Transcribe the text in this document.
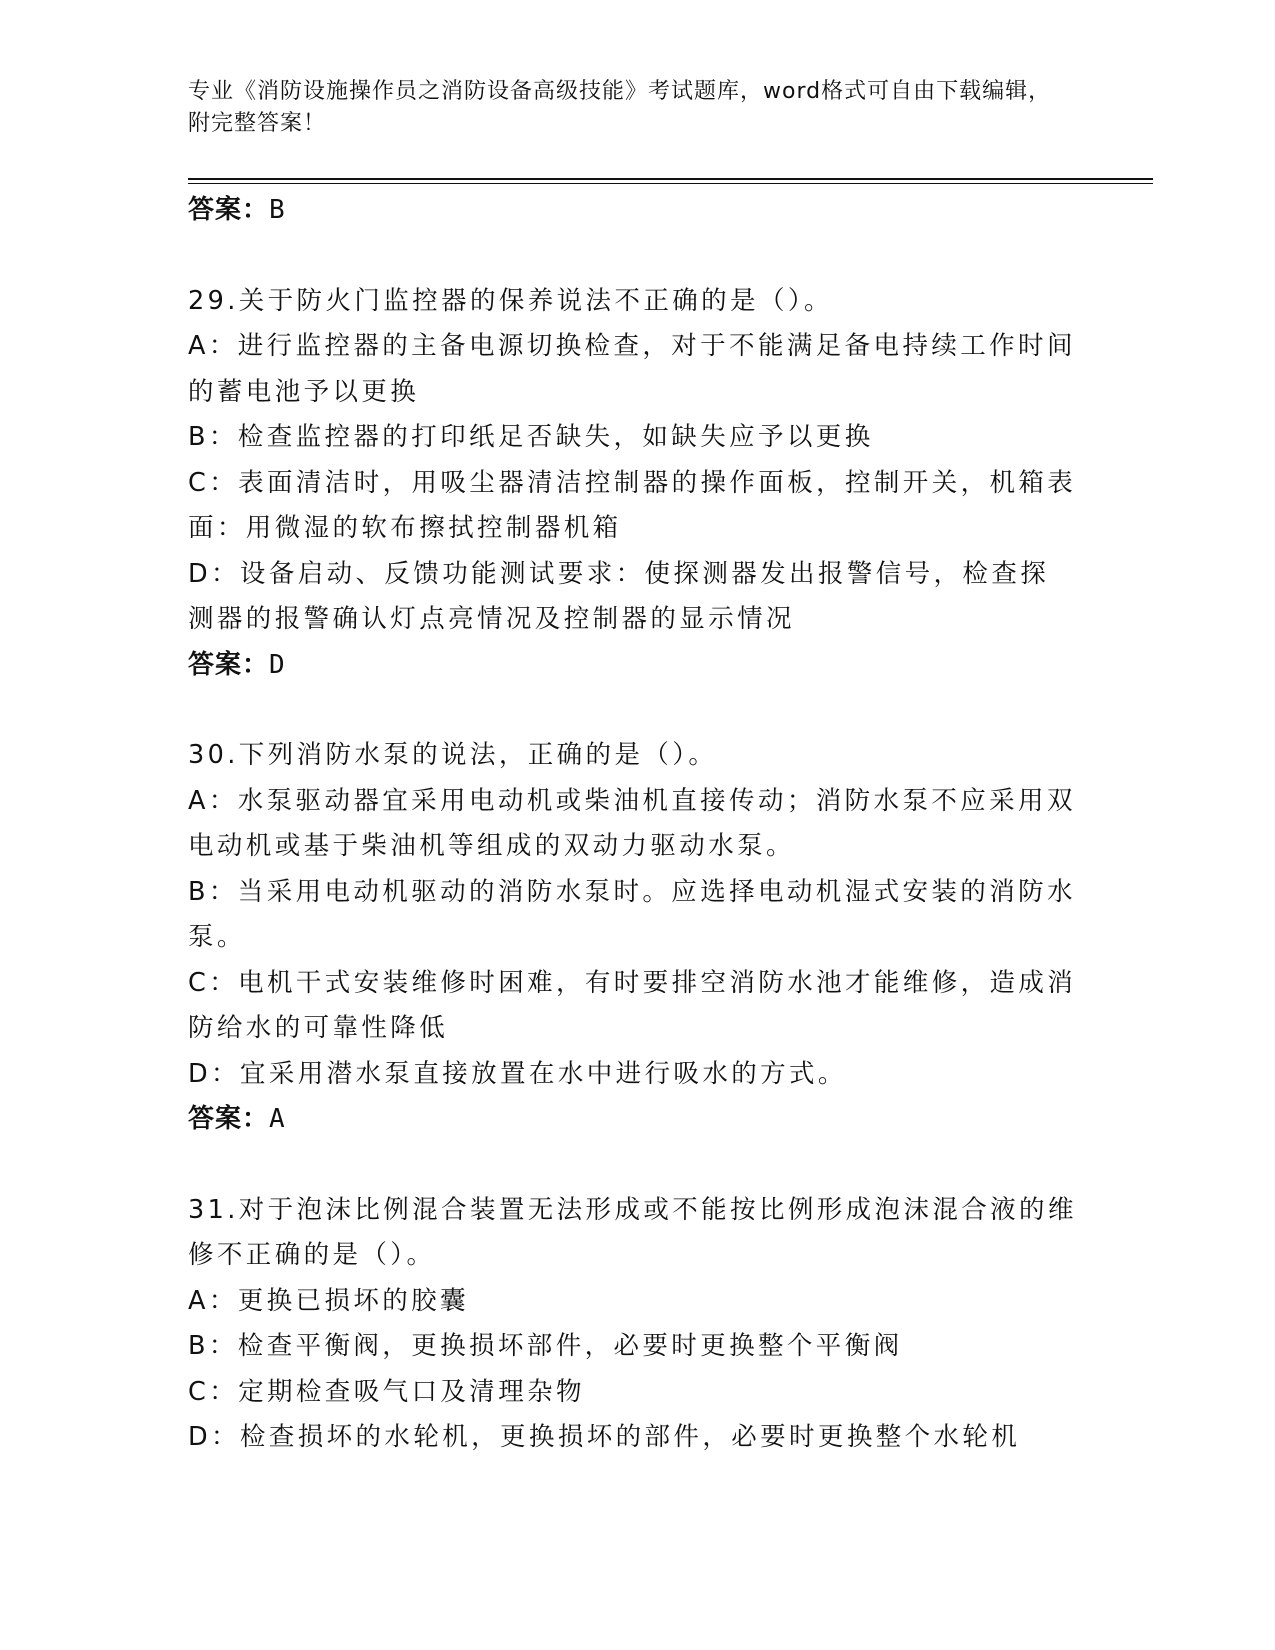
专业《消防设施操作员之消防设备高级技能》考试题库，word格式可自由下载编辑，附完整答案！
答案：B
29.关于防火门监控器的保养说法不正确的是（）。
A：进行监控器的主备电源切换检查，对于不能满足备电持续工作时间的蓄电池予以更换
B：检查监控器的打印纸足否缺失，如缺失应予以更换
C：表面清洁时，用吸尘器清洁控制器的操作面板，控制开关，机箱表面：用微湿的软布擦拭控制器机箱
D：设备启动、反馈功能测试要求：使探测器发出报警信号，检查探测器的报警确认灯点亮情况及控制器的显示情况
答案：D
30.下列消防水泵的说法，正确的是（）。
A：水泵驱动器宜采用电动机或柴油机直接传动；消防水泵不应采用双电动机或基于柴油机等组成的双动力驱动水泵。
B：当采用电动机驱动的消防水泵时。应选择电动机湿式安装的消防水泵。
C：电机干式安装维修时困难，有时要排空消防水池才能维修，造成消防给水的可靠性降低
D：宜采用潜水泵直接放置在水中进行吸水的方式。
答案：A
31.对于泡沫比例混合装置无法形成或不能按比例形成泡沫混合液的维修不正确的是（）。
A：更换已损坏的胶囊
B：检查平衡阀，更换损坏部件，必要时更换整个平衡阀
C：定期检查吸气口及清理杂物
D：检查损坏的水轮机，更换损坏的部件，必要时更换整个水轮机
